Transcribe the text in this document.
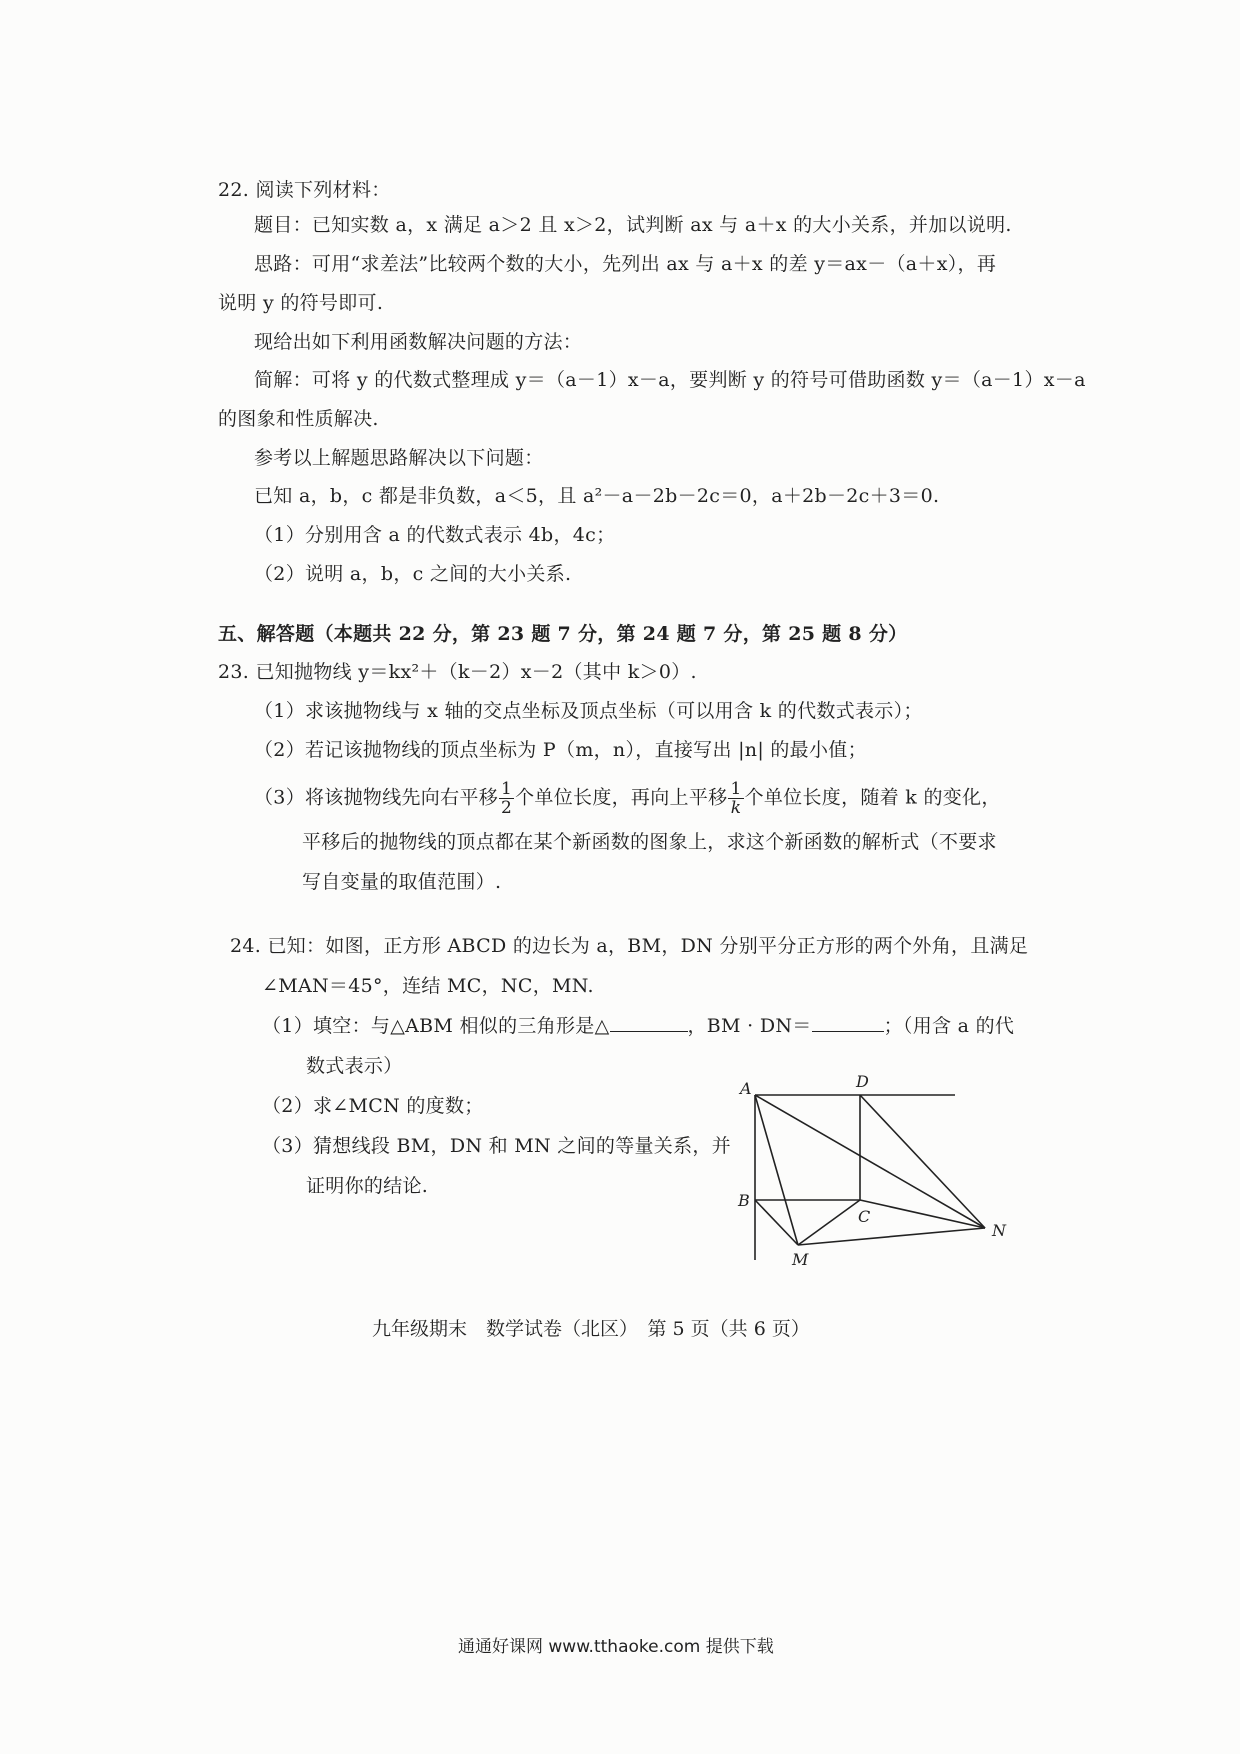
22. 阅读下列材料：
题目：已知实数 a，x 满足 a＞2 且 x＞2，试判断 ax 与 a＋x 的大小关系，并加以说明.
思路：可用“求差法”比较两个数的大小，先列出 ax 与 a＋x 的差 y＝ax－（a＋x），再
说明 y 的符号即可.
现给出如下利用函数解决问题的方法：
简解：可将 y 的代数式整理成 y＝（a－1）x－a，要判断 y 的符号可借助函数 y＝（a－1）x－a
的图象和性质解决.
参考以上解题思路解决以下问题：
已知 a，b，c 都是非负数，a＜5，且 a²－a－2b－2c＝0，a＋2b－2c＋3＝0.
（1）分别用含 a 的代数式表示 4b，4c；
（2）说明 a，b，c 之间的大小关系.
五、解答题（本题共 22 分，第 23 题 7 分，第 24 题 7 分，第 25 题 8 分）
23. 已知抛物线 y＝kx²＋（k－2）x－2（其中 k＞0）.
（1）求该抛物线与 x 轴的交点坐标及顶点坐标（可以用含 k 的代数式表示）；
（2）若记该抛物线的顶点坐标为 P（m，n），直接写出 |n| 的最小值；
（3）将该抛物线先向右平移 $\frac{1}{2}$ 个单位长度，再向上平移 $\frac{1}{k}$ 个单位长度，随着 k 的变化，
平移后的抛物线的顶点都在某个新函数的图象上，求这个新函数的解析式（不要求
写自变量的取值范围）.
24. 已知：如图，正方形 ABCD 的边长为 a，BM，DN 分别平分正方形的两个外角，且满足
∠MAN＝45°，连结 MC，NC，MN.
（1）填空：与△ABM 相似的三角形是△	，BM · DN＝	；（用含 a 的代
数式表示）
（2）求∠MCN 的度数；
（3）猜想线段 BM，DN 和 MN 之间的等量关系，并
证明你的结论.
A	D
B
C
M
N
九年级期末　数学试卷（北区）　第 5 页（共 6 页）
通通好课网 www.tthaoke.com 提供下载
